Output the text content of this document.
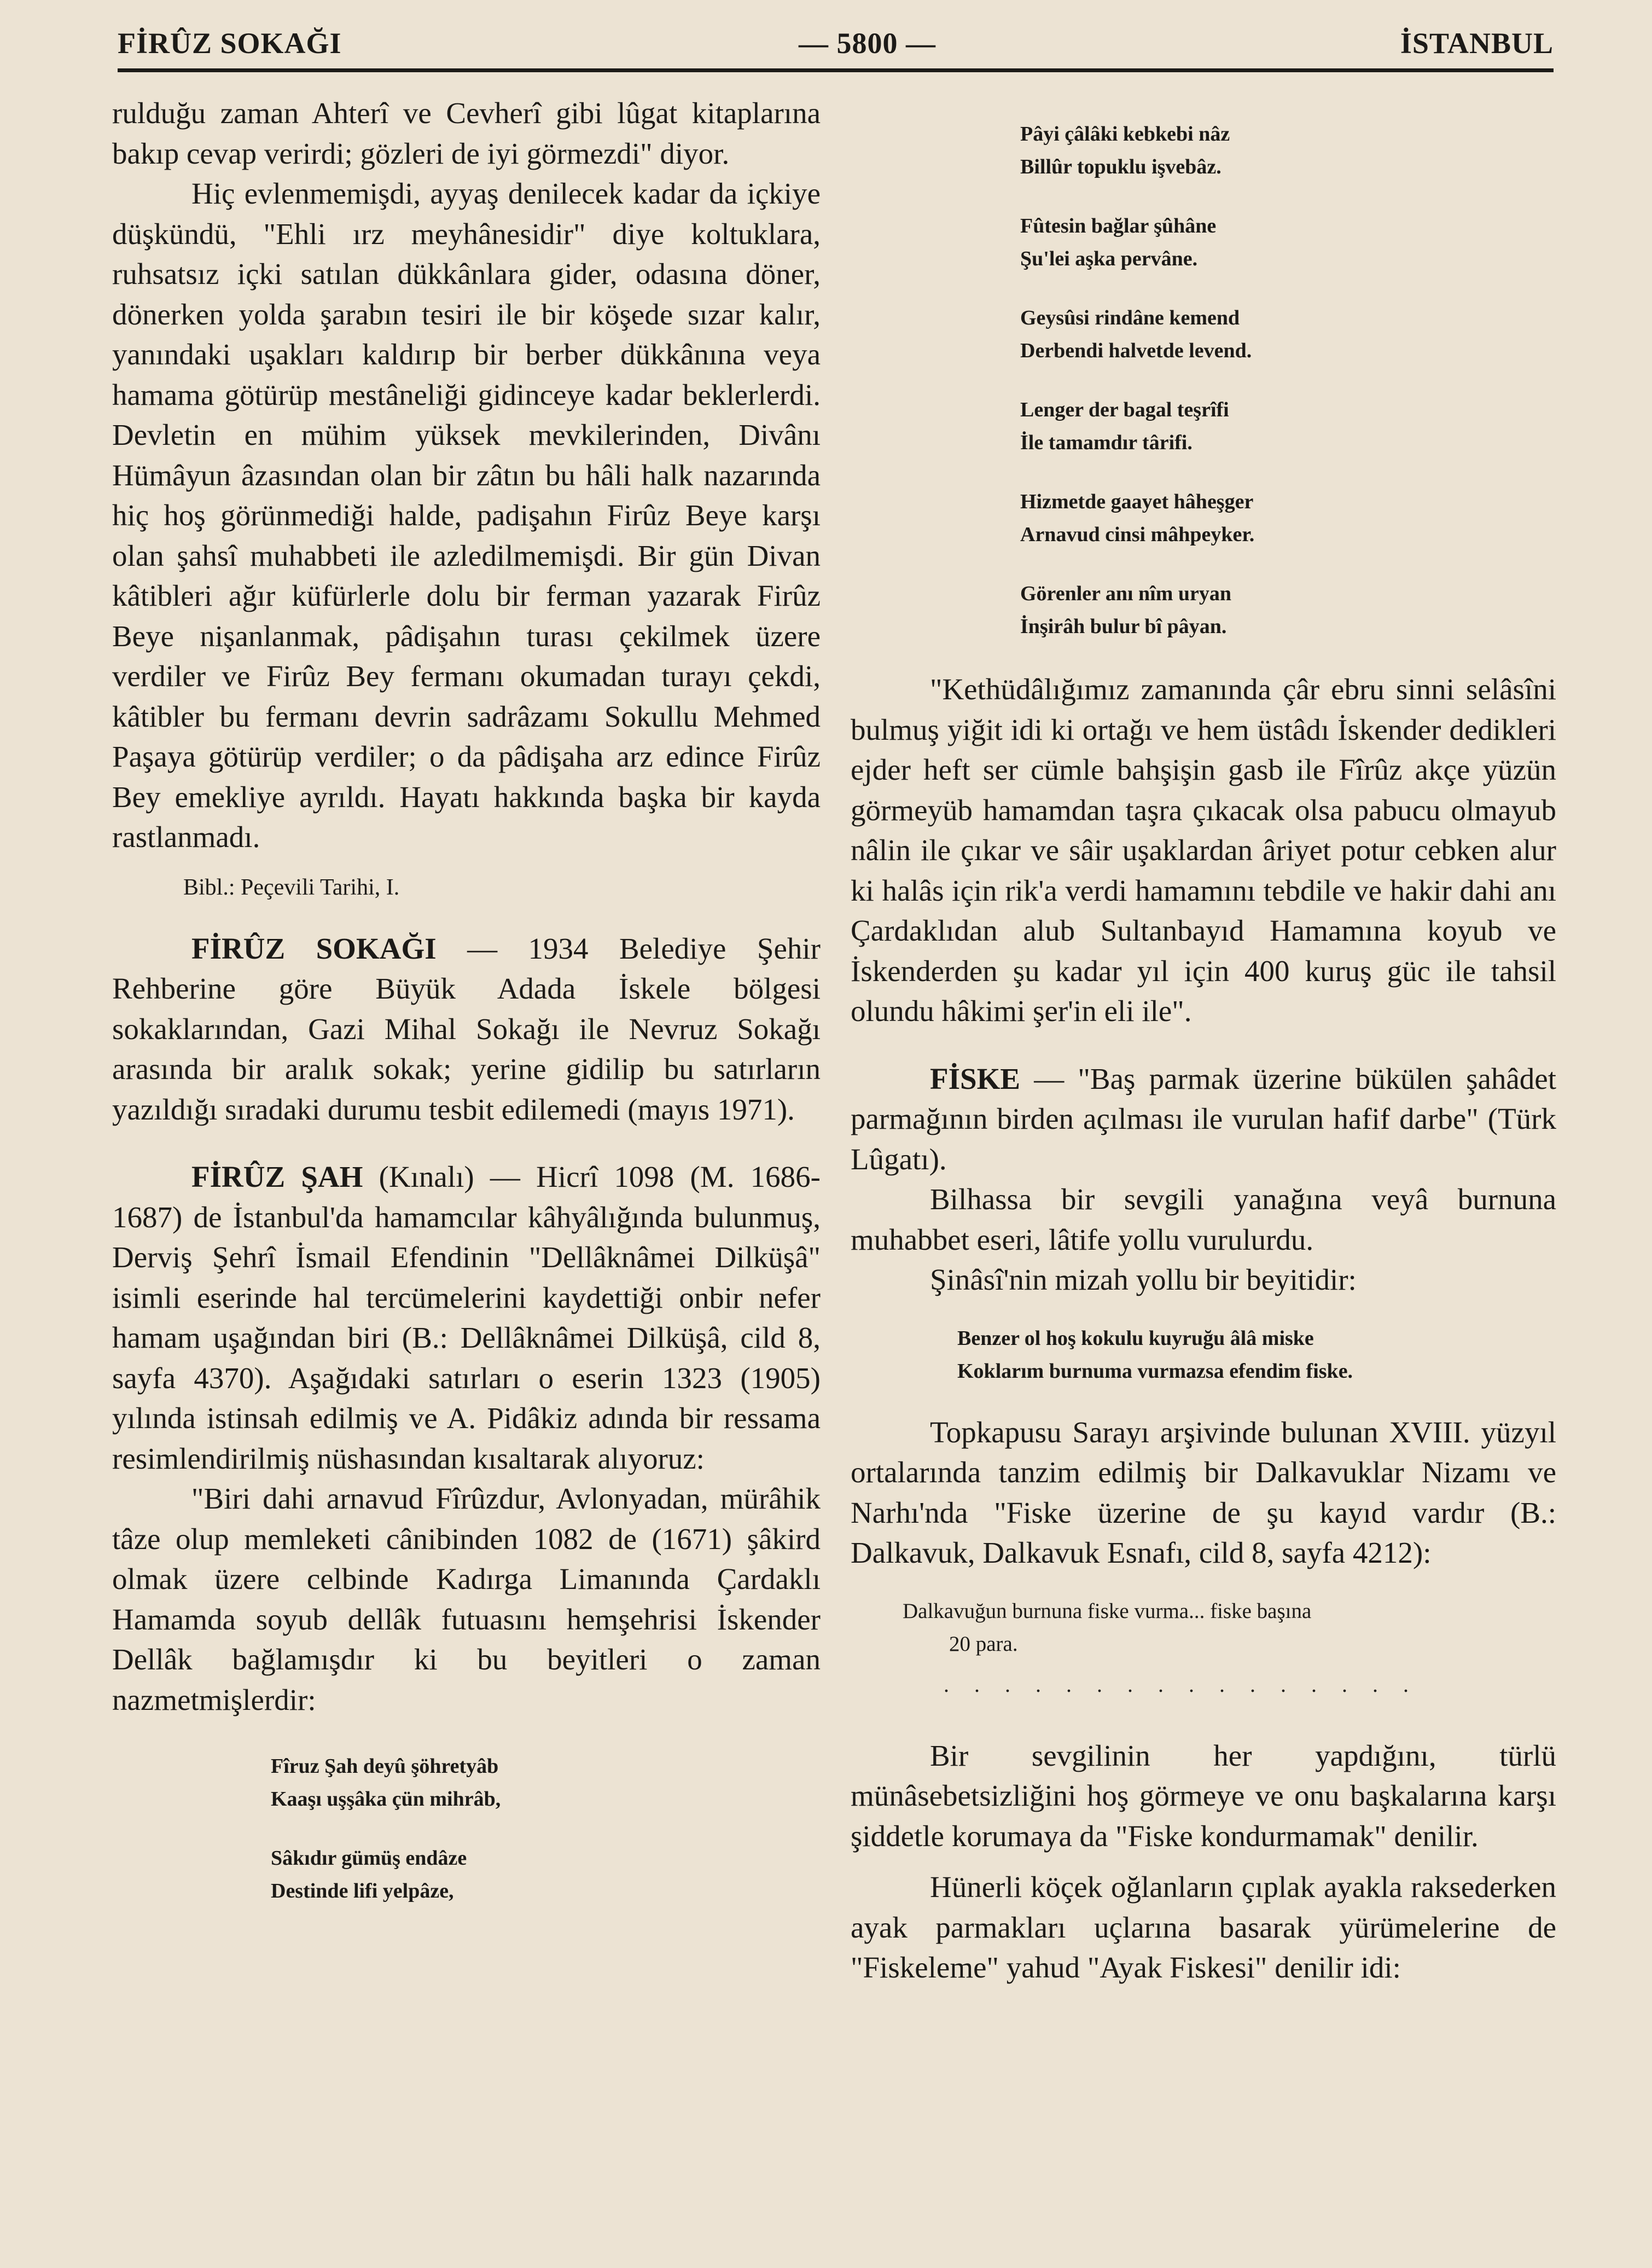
FİRÛZ SOKAĞI	— 5800 —	İSTANBUL

rulduğu zaman Ahterî ve Cevherî gibi lûgat kitaplarına bakıp cevap verirdi; gözleri de iyi görmezdi" diyor.

Hiç evlenmemişdi, ayyaş denilecek kadar da içkiye düşkündü, "Ehli ırz meyhânesidir" diye koltuklara, ruhsatsız içki satılan dükkânlara gider, odasına döner, dönerken yolda şarabın tesiri ile bir köşede sızar kalır, yanındaki uşakları kaldırıp bir berber dükkânına veya hamama götürüp mestâneliği gidinceye kadar beklerlerdi. Devletin en mühim yüksek mevkilerinden, Divânı Hümâyun âzasından olan bir zâtın bu hâli halk nazarında hiç hoş görünmediği halde, padişahın Firûz Beye karşı olan şahsî muhabbeti ile azledilmemişdi. Bir gün Divan kâtibleri ağır küfürlerle dolu bir ferman yazarak Firûz Beye nişanlanmak, pâdişahın turası çekilmek üzere verdiler ve Firûz Bey fermanı okumadan turayı çekdi, kâtibler bu fermanı devrin sadrâzamı Sokullu Mehmed Paşaya götürüp verdiler; o da pâdişaha arz edince Firûz Bey emekliye ayrıldı. Hayatı hakkında başka bir kayda rastlanmadı.

Bibl.: Peçevili Tarihi, I.

FİRÛZ SOKAĞI — 1934 Belediye Şehir Rehberine göre Büyük Adada İskele bölgesi sokaklarından, Gazi Mihal Sokağı ile Nevruz Sokağı arasında bir aralık sokak; yerine gidilip bu satırların yazıldığı sıradaki durumu tesbit edilemedi (mayıs 1971).

FİRÛZ ŞAH (Kınalı) — Hicrî 1098 (M. 1686-1687) de İstanbul'da hamamcılar kâhyâlığında bulunmuş, Derviş Şehrî İsmail Efendinin "Dellâknâmei Dilküşâ" isimli eserinde hal tercümelerini kaydettiği onbir nefer hamam uşağından biri (B.: Dellâknâmei Dilküşâ, cild 8, sayfa 4370). Aşağıdaki satırları o eserin 1323 (1905) yılında istinsah edilmiş ve A. Pidâkiz adında bir ressama resimlendirilmiş nüshasından kısaltarak alıyoruz:

"Biri dahi arnavud Fîrûzdur, Avlonyadan, mürâhik tâze olup memleketi cânibinden 1082 de (1671) şâkird olmak üzere celbinde Kadırga Limanında Çardaklı Hamamda soyub dellâk futuasını hemşehrisi İskender Dellâk bağlamışdır ki bu beyitleri o zaman nazmetmişlerdir:

Fîruz Şah deyû şöhretyâb
Kaaşı uşşâka çün mihrâb,
Sâkıdır gümüş endâze
Destinde lifi yelpâze,
Pâyi çâlâki kebkebi nâz
Billûr topuklu işvebâz.
Fûtesin bağlar şûhâne
Şu'lei aşka pervâne.
Geysûsi rindâne kemend
Derbendi halvetde levend.
Lenger der bagal teşrîfi
İle tamamdır târifi.
Hizmetde gaayet hâheşger
Arnavud cinsi mâhpeyker.
Görenler anı nîm uryan
İnşirâh bulur bî pâyan.

"Kethüdâlığımız zamanında çâr ebru sinni selâsîni bulmuş yiğit idi ki ortağı ve hem üstâdı İskender dedikleri ejder heft ser cümle bahşişin gasb ile Fîrûz akçe yüzün görmeyüb hamamdan taşra çıkacak olsa pabucu olmayub nâlin ile çıkar ve sâir uşaklardan âriyet potur cebken alur ki halâs için rik'a verdi hamamını tebdile ve hakir dahi anı Çardaklıdan alub Sultanbayıd Hamamına koyub ve İskenderden şu kadar yıl için 400 kuruş güc ile tahsil olundu hâkimi şer'in eli ile".

FİSKE — "Baş parmak üzerine bükülen şahâdet parmağının birden açılması ile vurulan hafif darbe" (Türk Lûgatı).

Bilhassa bir sevgili yanağına veyâ burnuna muhabbet eseri, lâtife yollu vurulurdu.

Şinâsî'nin mizah yollu bir beyitidir:

Benzer ol hoş kokulu kuyruğu âlâ miske
Koklarım burnuma vurmazsa efendim fiske.

Topkapusu Sarayı arşivinde bulunan XVIII. yüzyıl ortalarında tanzim edilmiş bir Dalkavuklar Nizamı ve Narhı'nda "Fiske üzerine de şu kayıd vardır (B.: Dalkavuk, Dalkavuk Esnafı, cild 8, sayfa 4212):

Dalkavuğun burnuna fiske vurma... fiske başına
20 para.
. . . . . . . . . . . . . . . .

Bir sevgilinin her yapdığını, türlü münâsebetsizliğini hoş görmeye ve onu başkalarına karşı şiddetle korumaya da "Fiske kondurmamak" denilir.

Hünerli köçek oğlanların çıplak ayakla raksederken ayak parmakları uçlarına basarak yürümelerine de "Fiskeleme" yahud "Ayak Fiskesi" denilir idi:
